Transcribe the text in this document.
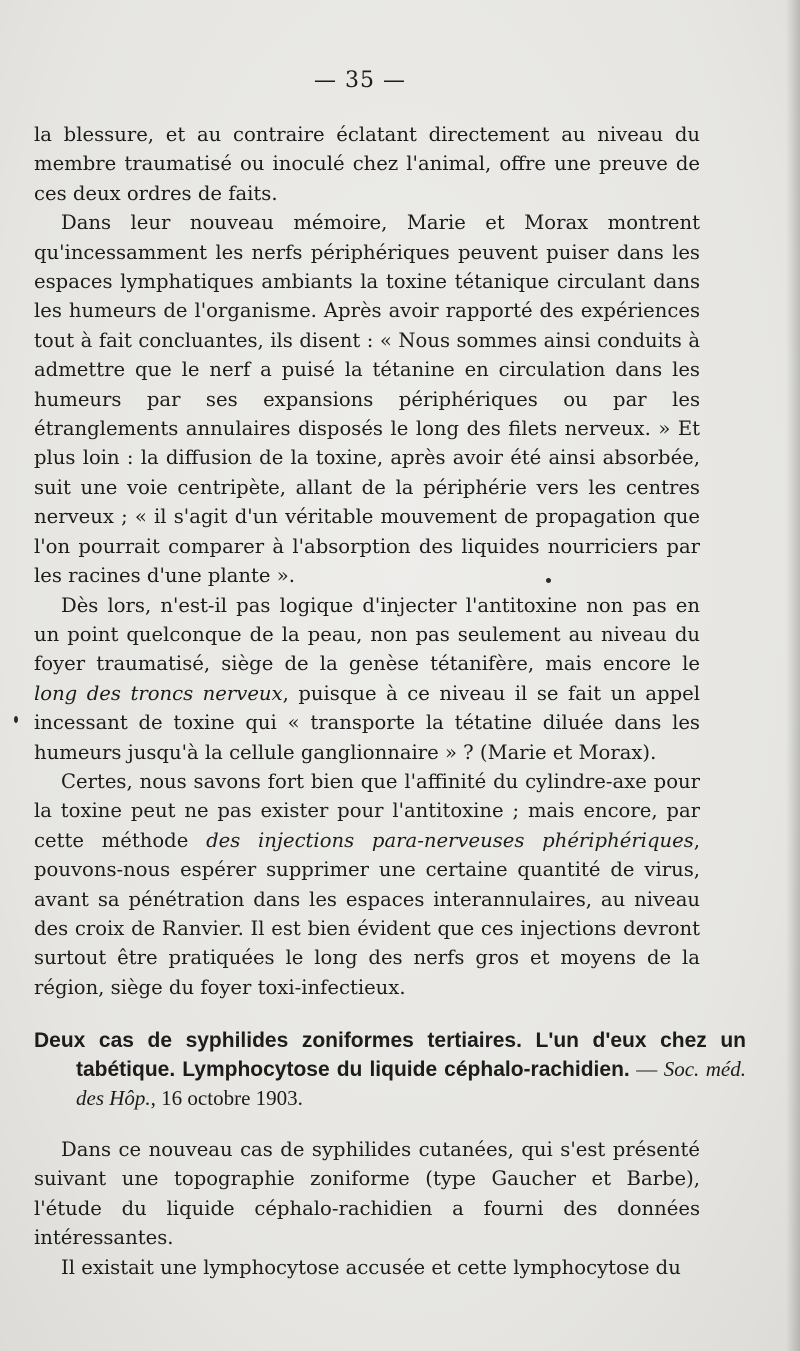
— 35 —

la blessure, et au contraire éclatant directement au niveau du membre traumatisé ou inoculé chez l'animal, offre une preuve de ces deux ordres de faits.

Dans leur nouveau mémoire, Marie et Morax montrent qu'incessamment les nerfs périphériques peuvent puiser dans les espaces lymphatiques ambiants la toxine tétanique circulant dans les humeurs de l'organisme. Après avoir rapporté des expériences tout à fait concluantes, ils disent : « Nous sommes ainsi conduits à admettre que le nerf a puisé la tétanine en circulation dans les humeurs par ses expansions périphériques ou par les étranglements annulaires disposés le long des filets nerveux. » Et plus loin : la diffusion de la toxine, après avoir été ainsi absorbée, suit une voie centripète, allant de la périphérie vers les centres nerveux ; « il s'agit d'un véritable mouvement de propagation que l'on pourrait comparer à l'absorption des liquides nourriciers par les racines d'une plante ».

Dès lors, n'est-il pas logique d'injecter l'antitoxine non pas en un point quelconque de la peau, non pas seulement au niveau du foyer traumatisé, siège de la genèse tétanifère, mais encore le long des troncs nerveux, puisque à ce niveau il se fait un appel incessant de toxine qui « transporte la tétatine diluée dans les humeurs jusqu'à la cellule ganglionnaire » ? (Marie et Morax).

Certes, nous savons fort bien que l'affinité du cylindre-axe pour la toxine peut ne pas exister pour l'antitoxine ; mais encore, par cette méthode des injections para-nerveuses phériphériques, pouvons-nous espérer supprimer une certaine quantité de virus, avant sa pénétration dans les espaces interannulaires, au niveau des croix de Ranvier. Il est bien évident que ces injections devront surtout être pratiquées le long des nerfs gros et moyens de la région, siège du foyer toxi-infectieux.

Deux cas de syphilides zoniformes tertiaires. L'un d'eux chez un tabétique. Lymphocytose du liquide céphalo-rachidien. — Soc. méd. des Hôp., 16 octobre 1903.

Dans ce nouveau cas de syphilides cutanées, qui s'est présenté suivant une topographie zoniforme (type Gaucher et Barbe), l'étude du liquide céphalo-rachidien a fourni des données intéressantes.

Il existait une lymphocytose accusée et cette lymphocytose du
